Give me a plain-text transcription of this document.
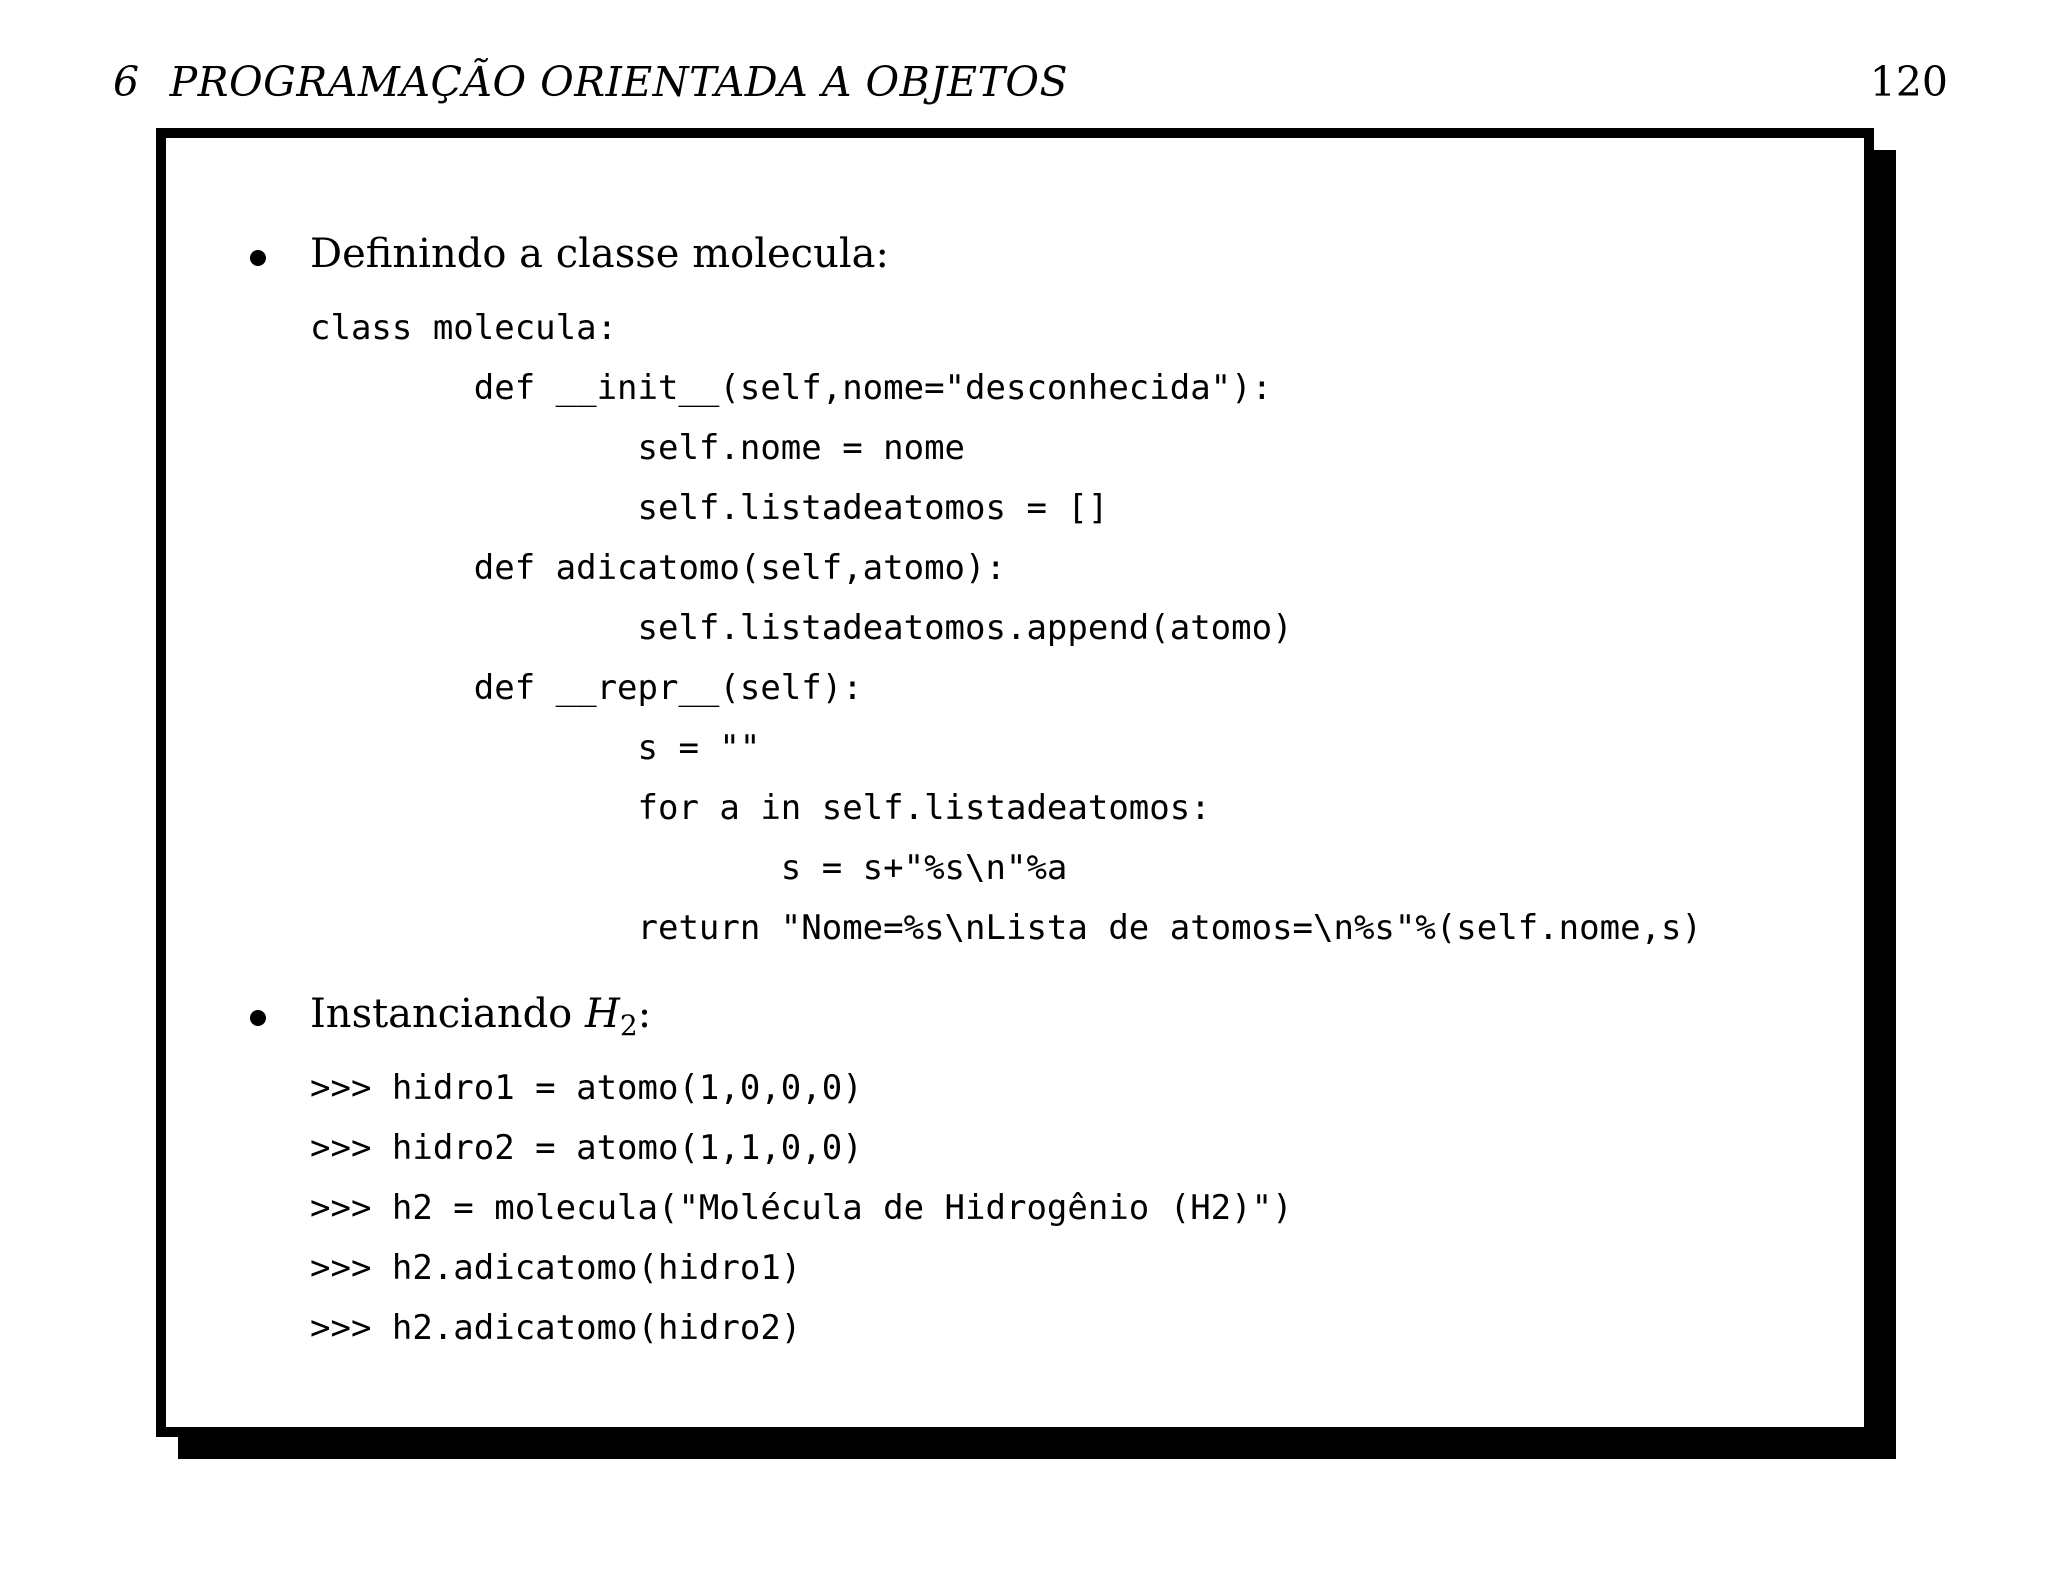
6 PROGRAMAÇÃO ORIENTADA A OBJETOS	120
Definindo a classe molecula:
class molecula:
def __init__(self,nome="desconhecida"):
self.nome = nome
self.listadeatomos = []
def adicatomo(self,atomo):
self.listadeatomos.append(atomo)
def __repr__(self):
s = ""
for a in self.listadeatomos:
s = s+"%s\n"%a
return "Nome=%s\nLista de atomos=\n%s"%(self.nome,s)
Instanciando $H_2$:
>>> hidro1 = atomo(1,0,0,0)
>>> hidro2 = atomo(1,1,0,0)
>>> h2 = molecula("Molécula de Hidrogênio (H2)")
>>> h2.adicatomo(hidro1)
>>> h2.adicatomo(hidro2)
